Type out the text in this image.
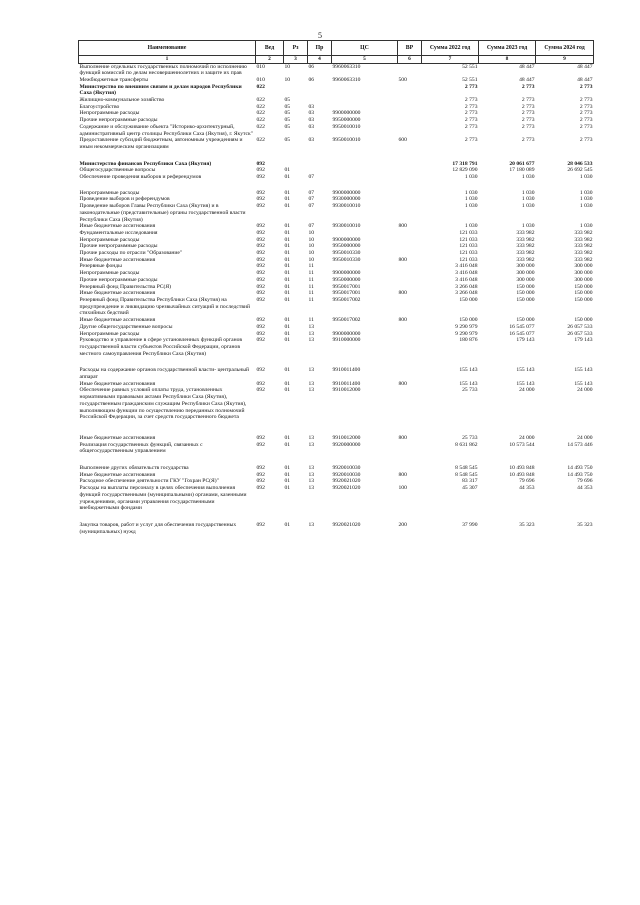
5
Наименование	Вед	Рз	Пр	ЦС	ВР	Сумма 2022 год	Сумма 2023 год	Сумма 2024 год
1	2	3	4	5	6	7	8	9
Выполнение отдельных государственных полномочий по исполнению функций комиссий по делам несовершеннолетних и защите их прав	010	10	06	9960063310		52 551	48 447	48 447
Межбюджетные трансферты	010	10	06	9960063310	500	52 551	48 447	48 447
Министерство по внешним связям и делам народов Республики Саха (Якутия)	022					2 773	2 773	2 773
Жилищно-коммунальное хозяйство	022	05				2 773	2 773	2 773
Благоустройство	022	05	03			2 773	2 773	2 773
Непрограммные расходы	022	05	03	9900000000		2 773	2 773	2 773
Прочие непрограммные расходы	022	05	03	9950000000		2 773	2 773	2 773
Содержание и обслуживание объекта "Историко-архитектурный, административный центр столицы Республики Саха (Якутия), г. Якутск"	022	05	03	9950010010		2 773	2 773	2 773
Предоставление субсидий бюджетным, автономным учреждениям и иным некоммерческим организациям	022	05	03	9950010010	600	2 773	2 773	2 773
Министерство финансов Республики Саха (Якутия)	092					17 318 791	20 061 677	28 046 533
Общегосударственные вопросы	092	01				12 829 090	17 180 089	26 692 545
Обеспечение проведения выборов и референдумов	092	01	07			1 030	1 030	1 030
Непрограммные расходы	092	01	07	9900000000		1 030	1 030	1 030
Проведение выборов и референдумов	092	01	07	9930000000		1 030	1 030	1 030
Проведение выборов Главы Республики Саха (Якутия) и в законодательные (представительные) органы государственной власти Республики Саха (Якутия)	092	01	07	9930010010		1 030	1 030	1 030
Иные бюджетные ассигнования	092	01	07	9930010010	800	1 030	1 030	1 030
Фундаментальные исследования	092	01	10			121 033	333 982	333 982
Непрограммные расходы	092	01	10	9900000000		121 033	333 982	333 982
Прочие непрограммные расходы	092	01	10	9950000000		121 033	333 982	333 982
Прочие расходы по отрасли "Образование"	092	01	10	9950010330		121 033	333 982	333 982
Иные бюджетные ассигнования	092	01	10	9950010330	800	121 033	333 982	333 982
Резервные фонды	092	01	11			3 416 048	300 000	300 000
Непрограммные расходы	092	01	11	9900000000		3 416 048	300 000	300 000
Прочие непрограммные расходы	092	01	11	9950000000		3 416 048	300 000	300 000
Резервный фонд Правительства РС(Я)	092	01	11	9950017001		3 266 048	150 000	150 000
Иные бюджетные ассигнования	092	01	11	9950017001	800	3 266 048	150 000	150 000
Резервный фонд Правительства Республики Саха (Якутия) на предупреждение и ликвидацию чрезвычайных ситуаций и последствий стихийных бедствий	092	01	11	9950017002		150 000	150 000	150 000
Иные бюджетные ассигнования	092	01	11	9950017002	800	150 000	150 000	150 000
Другие общегосударственные вопросы	092	01	13			9 290 979	16 545 077	26 057 533
Непрограммные расходы	092	01	13	9900000000		9 290 979	16 545 077	26 057 533
Руководство и управление в сфере установленных функций органов государственной власти субъектов Российской Федерации, органов местного самоуправления Республики Саха (Якутия)	092	01	13	9910000000		180 876	179 143	179 143
Расходы на содержание органов государственной власти- центральный аппарат	092	01	13	9910011400		155 143	155 143	155 143
Иные бюджетные ассигнования	092	01	13	9910011400	800	155 143	155 143	155 143
Обеспечение равных условий оплаты труда, установленных нормативными правовыми актами Республики Саха (Якутия), государственным гражданским служащим Республики Саха (Якутия), выполняющим функции по осуществлению переданных полномочий Российской Федерации, за счет средств государственного бюджета	092	01	13	9910012000		25 733	24 000	24 000
Иные бюджетные ассигнования	092	01	13	9910012000	800	25 733	24 000	24 000
Реализация государственных функций, связанных с общегосударственным управлением	092	01	13	9920000000		8 631 862	10 573 544	14 573 446
Выполнение других обязательств государства	092	01	13	9920010030		8 548 545	10 493 848	14 493 750
Иные бюджетные ассигнования	092	01	13	9920010030	800	8 548 545	10 493 848	14 493 750
Расходное обеспечение деятельности ГКУ "Гохран РС(Я)"	092	01	13	9920021020		83 317	79 696	79 696
Расходы на выплаты персоналу в целях обеспечения выполнения функций государственными (муниципальными) органами, казенными учреждениями, органами управления государственными внебюджетными фондами	092	01	13	9920021020	100	45 307	44 353	44 353
Закупка товаров, работ и услуг для обеспечения государственных (муниципальных) нужд	092	01	13	9920021020	200	37 990	35 323	35 323
